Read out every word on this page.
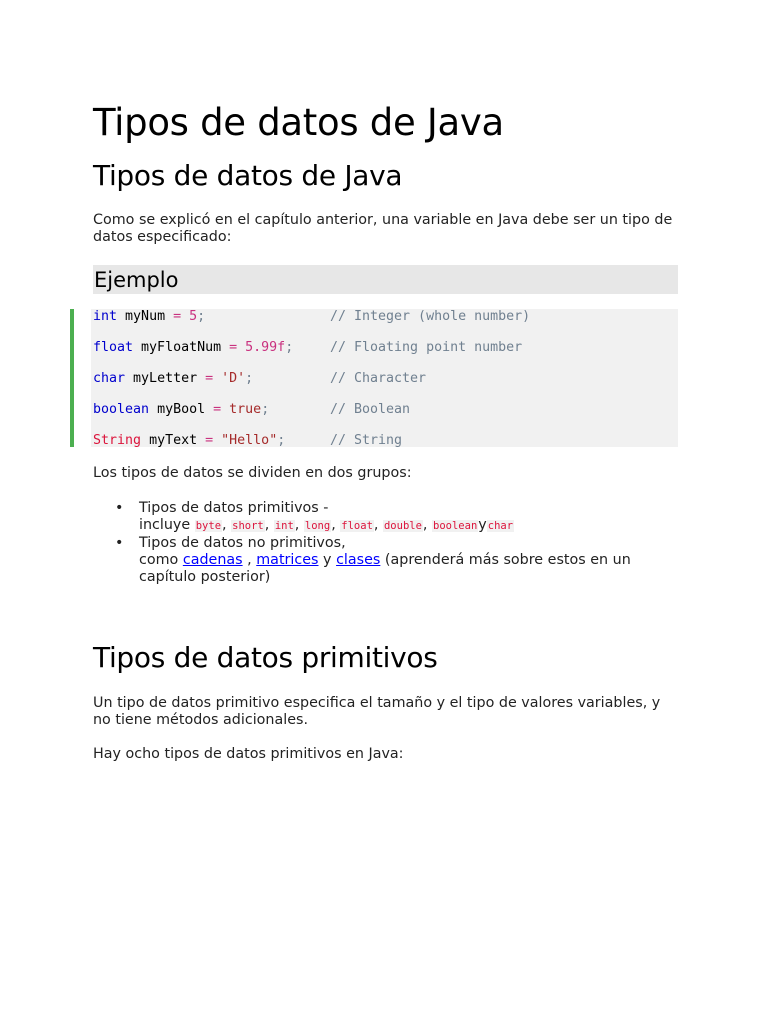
Tipos de datos de Java
Tipos de datos de Java

Como se explicó en el capítulo anterior, una variable en Java debe ser un tipo de datos especificado:

Ejemplo
int myNum = 5;	// Integer (whole number)
float myFloatNum = 5.99f;	// Floating point number
char myLetter = 'D';	// Character
boolean myBool = true;	// Boolean
String myText = "Hello";	// String

Los tipos de datos se dividen en dos grupos:

• Tipos de datos primitivos -
incluye byte, short, int, long, float, double, booleanychar
• Tipos de datos no primitivos,
como cadenas , matrices y clases (aprenderá más sobre estos en un capítulo posterior)
Tipos de datos primitivos

Un tipo de datos primitivo especifica el tamaño y el tipo de valores variables, y no tiene métodos adicionales.

Hay ocho tipos de datos primitivos en Java:
